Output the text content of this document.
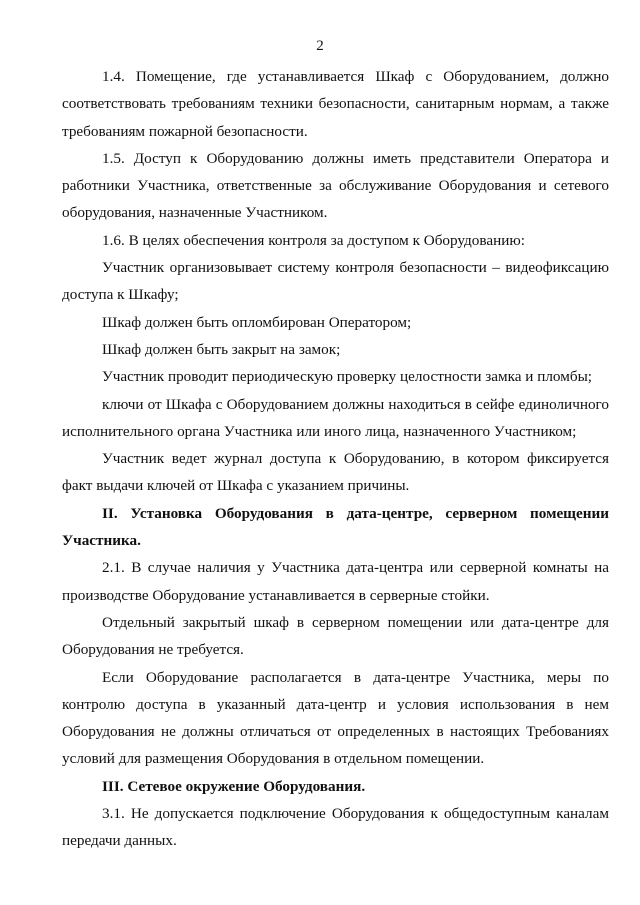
2

1.4. Помещение, где устанавливается Шкаф с Оборудованием, должно соответствовать требованиям техники безопасности, санитарным нормам, а также требованиям пожарной безопасности.

1.5. Доступ к Оборудованию должны иметь представители Оператора и работники Участника, ответственные за обслуживание Оборудования и сетевого оборудования, назначенные Участником.

1.6. В целях обеспечения контроля за доступом к Оборудованию:

Участник организовывает систему контроля безопасности – видеофиксацию доступа к Шкафу;

Шкаф должен быть опломбирован Оператором;

Шкаф должен быть закрыт на замок;

Участник проводит периодическую проверку целостности замка и пломбы;

ключи от Шкафа с Оборудованием должны находиться в сейфе единоличного исполнительного органа Участника или иного лица, назначенного Участником;

Участник ведет журнал доступа к Оборудованию, в котором фиксируется факт выдачи ключей от Шкафа с указанием причины.

II. Установка Оборудования в дата-центре, серверном помещении Участника.

2.1. В случае наличия у Участника дата-центра или серверной комнаты на производстве Оборудование устанавливается в серверные стойки.

Отдельный закрытый шкаф в серверном помещении или дата-центре для Оборудования не требуется.

Если Оборудование располагается в дата-центре Участника, меры по контролю доступа в указанный дата-центр и условия использования в нем Оборудования не должны отличаться от определенных в настоящих Требованиях условий для размещения Оборудования в отдельном помещении.

III. Сетевое окружение Оборудования.

3.1. Не допускается подключение Оборудования к общедоступным каналам передачи данных.
